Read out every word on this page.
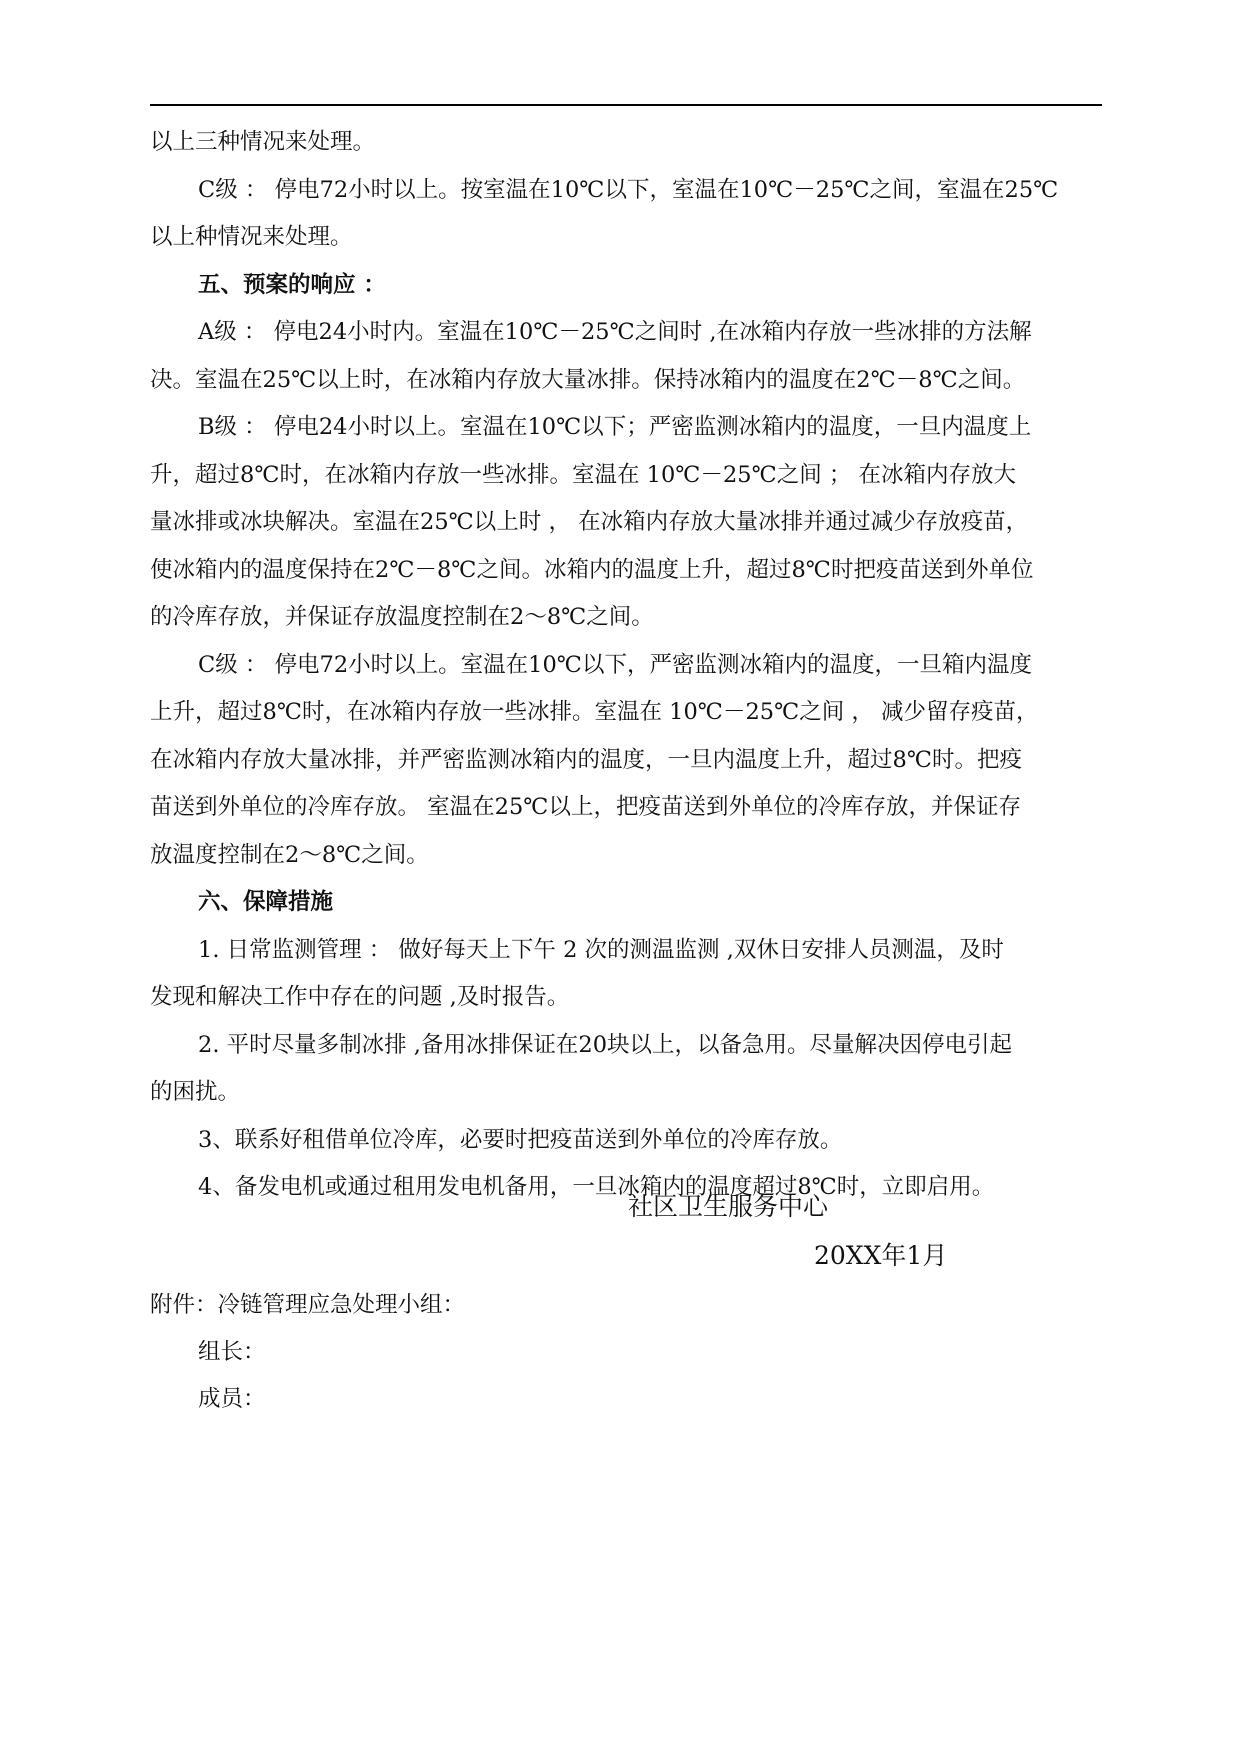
以上三种情况来处理。

C级 ： 停电72小时以上。按室温在10℃以下，室温在10℃－25℃之间，室温在25℃

以上种情况来处理。

五、预案的响应 ：

A级 ： 停电24小时内。室温在10℃－25℃之间时 ,在冰箱内存放一些冰排的方法解

决。室温在25℃以上时，在冰箱内存放大量冰排。保持冰箱内的温度在2℃－8℃之间。

B级 ： 停电24小时以上。室温在10℃以下；严密监测冰箱内的温度，一旦内温度上

升，超过8℃时，在冰箱内存放一些冰排。室温在 10℃－25℃之间 ； 在冰箱内存放大

量冰排或冰块解决。室温在25℃以上时 ， 在冰箱内存放大量冰排并通过减少存放疫苗，

使冰箱内的温度保持在2℃－8℃之间。冰箱内的温度上升，超过8℃时把疫苗送到外单位

的冷库存放，并保证存放温度控制在2～8℃之间。

C级 ： 停电72小时以上。室温在10℃以下，严密监测冰箱内的温度，一旦箱内温度

上升，超过8℃时，在冰箱内存放一些冰排。室温在 10℃－25℃之间 ， 减少留存疫苗，

在冰箱内存放大量冰排，并严密监测冰箱内的温度，一旦内温度上升，超过8℃时。把疫

苗送到外单位的冷库存放。 室温在25℃以上，把疫苗送到外单位的冷库存放，并保证存

放温度控制在2～8℃之间。

六、保障措施

1. 日常监测管理 ： 做好每天上下午 2 次的测温监测 ,双休日安排人员测温，及时

发现和解决工作中存在的问题 ,及时报告。

2. 平时尽量多制冰排 ,备用冰排保证在20块以上，以备急用。尽量解决因停电引起

的困扰。

3、联系好租借单位冷库，必要时把疫苗送到外单位的冷库存放。

4、备发电机或通过租用发电机备用，一旦冰箱内的温度超过8℃时，立即启用。

社区卫生服务中心
20XX年1月

附件：冷链管理应急处理小组：

组长：

成员：
